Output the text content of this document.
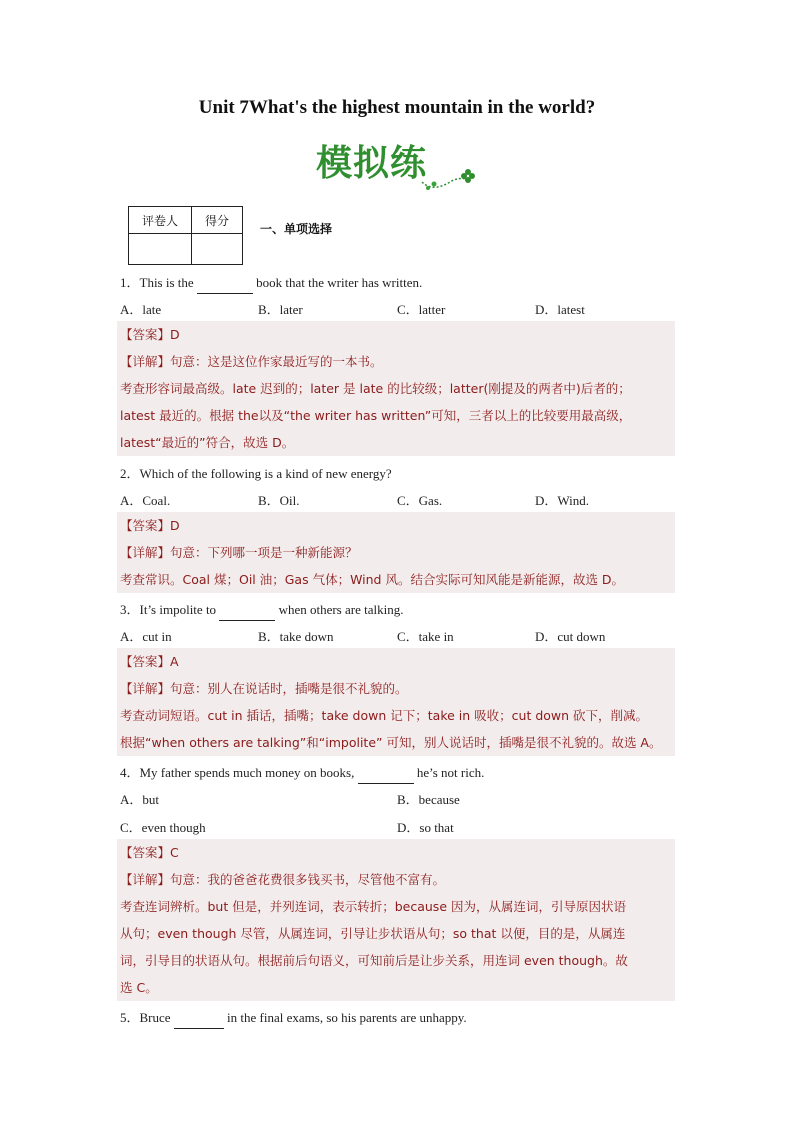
Unit 7What's the highest mountain in the world?
模拟练
评卷人	得分

一、单项选择
1．This is the	book that the writer has written.
A．late	B．later	C．latter	D．latest
【答案】D
【详解】句意：这是这位作家最近写的一本书。
考查形容词最高级。late 迟到的；later 是 late 的比较级；latter(刚提及的两者中)后者的；
latest 最近的。根据 the以及“the writer has written”可知，三者以上的比较要用最高级，
latest“最近的”符合，故选 D。
2．Which of the following is a kind of new energy?
A．Coal.	B．Oil.	C．Gas.	D．Wind.
【答案】D
【详解】句意：下列哪一项是一种新能源？
考查常识。Coal 煤；Oil 油；Gas 气体；Wind 风。结合实际可知风能是新能源，故选 D。
3．It’s impolite to	when others are talking.
A．cut in	B．take down	C．take in	D．cut down
【答案】A
【详解】句意：别人在说话时，插嘴是很不礼貌的。
考查动词短语。cut in 插话，插嘴；take down 记下；take in 吸收；cut down 砍下，削减。
根据“when others are talking”和“impolite” 可知，别人说话时，插嘴是很不礼貌的。故选 A。
4．My father spends much money on books,	he’s not rich.
A．but	B．because
C．even though	D．so that
【答案】C
【详解】句意：我的爸爸花费很多钱买书，尽管他不富有。
考查连词辨析。but 但是，并列连词，表示转折；because 因为，从属连词，引导原因状语
从句；even though 尽管，从属连词，引导让步状语从句；so that 以便，目的是，从属连
词，引导目的状语从句。根据前后句语义，可知前后是让步关系，用连词 even though。故
选 C。
5．Bruce	in the final exams, so his parents are unhappy.
